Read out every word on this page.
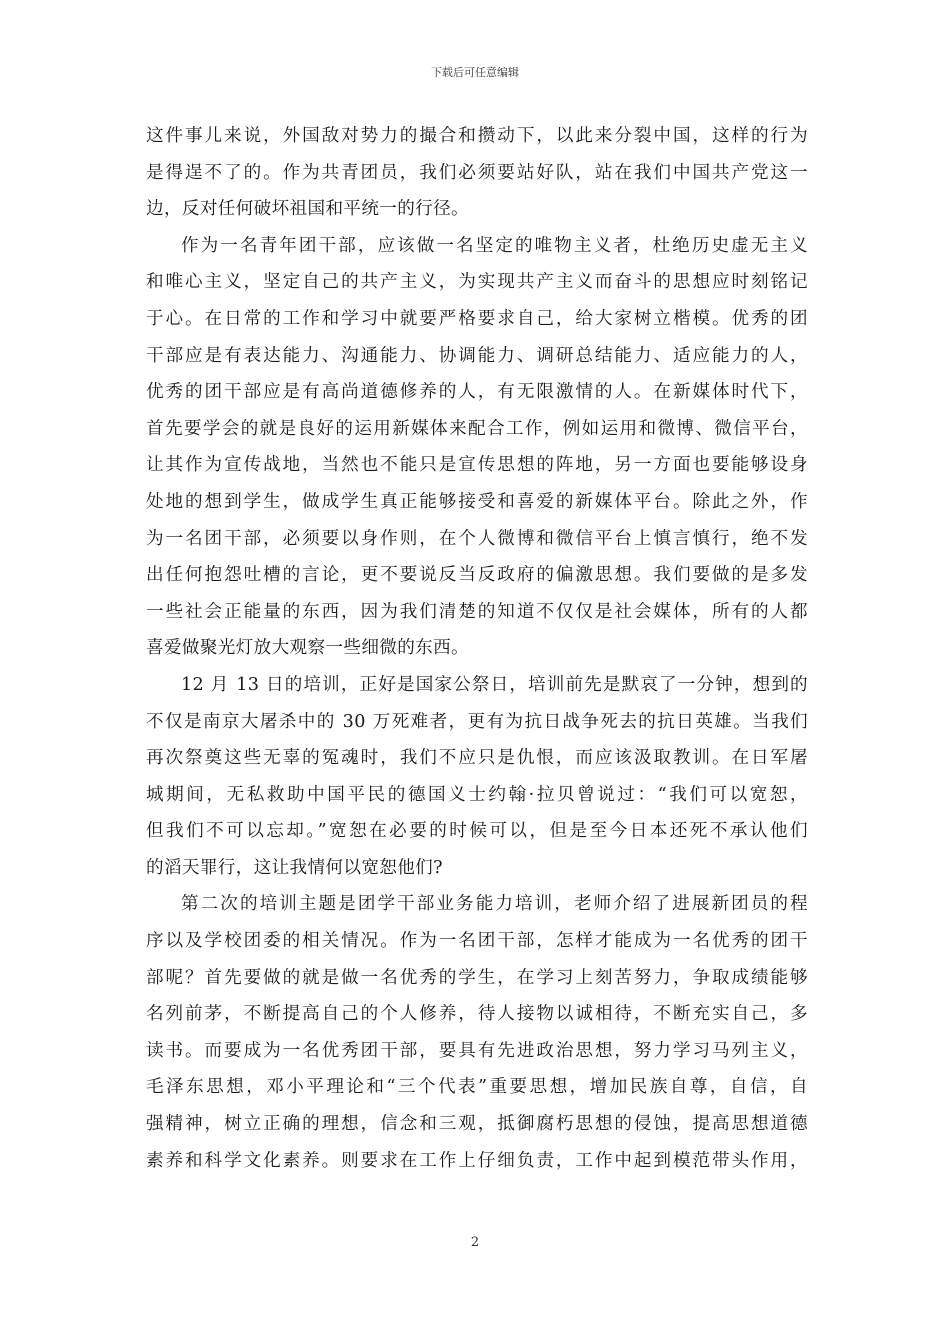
下载后可任意编辑
这件事儿来说，外国敌对势力的撮合和攒动下，以此来分裂中国，这样的行为
是得逞不了的。作为共青团员，我们必须要站好队，站在我们中国共产党这一
边，反对任何破坏祖国和平统一的行径。
作为一名青年团干部，应该做一名坚定的唯物主义者，杜绝历史虚无主义
和唯心主义，坚定自己的共产主义，为实现共产主义而奋斗的思想应时刻铭记
于心。在日常的工作和学习中就要严格要求自己，给大家树立楷模。优秀的团
干部应是有表达能力、沟通能力、协调能力、调研总结能力、适应能力的人，
优秀的团干部应是有高尚道德修养的人，有无限激情的人。在新媒体时代下，
首先要学会的就是良好的运用新媒体来配合工作，例如运用和微博、微信平台，
让其作为宣传战地，当然也不能只是宣传思想的阵地，另一方面也要能够设身
处地的想到学生，做成学生真正能够接受和喜爱的新媒体平台。除此之外，作
为一名团干部，必须要以身作则，在个人微博和微信平台上慎言慎行，绝不发
出任何抱怨吐槽的言论，更不要说反当反政府的偏激思想。我们要做的是多发
一些社会正能量的东西，因为我们清楚的知道不仅仅是社会媒体，所有的人都
喜爱做聚光灯放大观察一些细微的东西。
12 月 13 日的培训，正好是国家公祭日，培训前先是默哀了一分钟，想到的
不仅是南京大屠杀中的 30 万死难者，更有为抗日战争死去的抗日英雄。当我们
再次祭奠这些无辜的冤魂时，我们不应只是仇恨，而应该汲取教训。在日军屠
城期间，无私救助中国平民的德国义士约翰·拉贝曾说过：“我们可以宽恕，
但我们不可以忘却。”宽恕在必要的时候可以，但是至今日本还死不承认他们
的滔天罪行，这让我情何以宽恕他们?
第二次的培训主题是团学干部业务能力培训，老师介绍了进展新团员的程
序以及学校团委的相关情况。作为一名团干部，怎样才能成为一名优秀的团干
部呢？首先要做的就是做一名优秀的学生，在学习上刻苦努力，争取成绩能够
名列前茅，不断提高自己的个人修养，待人接物以诚相待，不断充实自己，多
读书。而要成为一名优秀团干部，要具有先进政治思想，努力学习马列主义，
毛泽东思想，邓小平理论和“三个代表”重要思想，增加民族自尊，自信，自
强精神，树立正确的理想，信念和三观，抵御腐朽思想的侵蚀，提高思想道德
素养和科学文化素养。则要求在工作上仔细负责，工作中起到模范带头作用，
2
